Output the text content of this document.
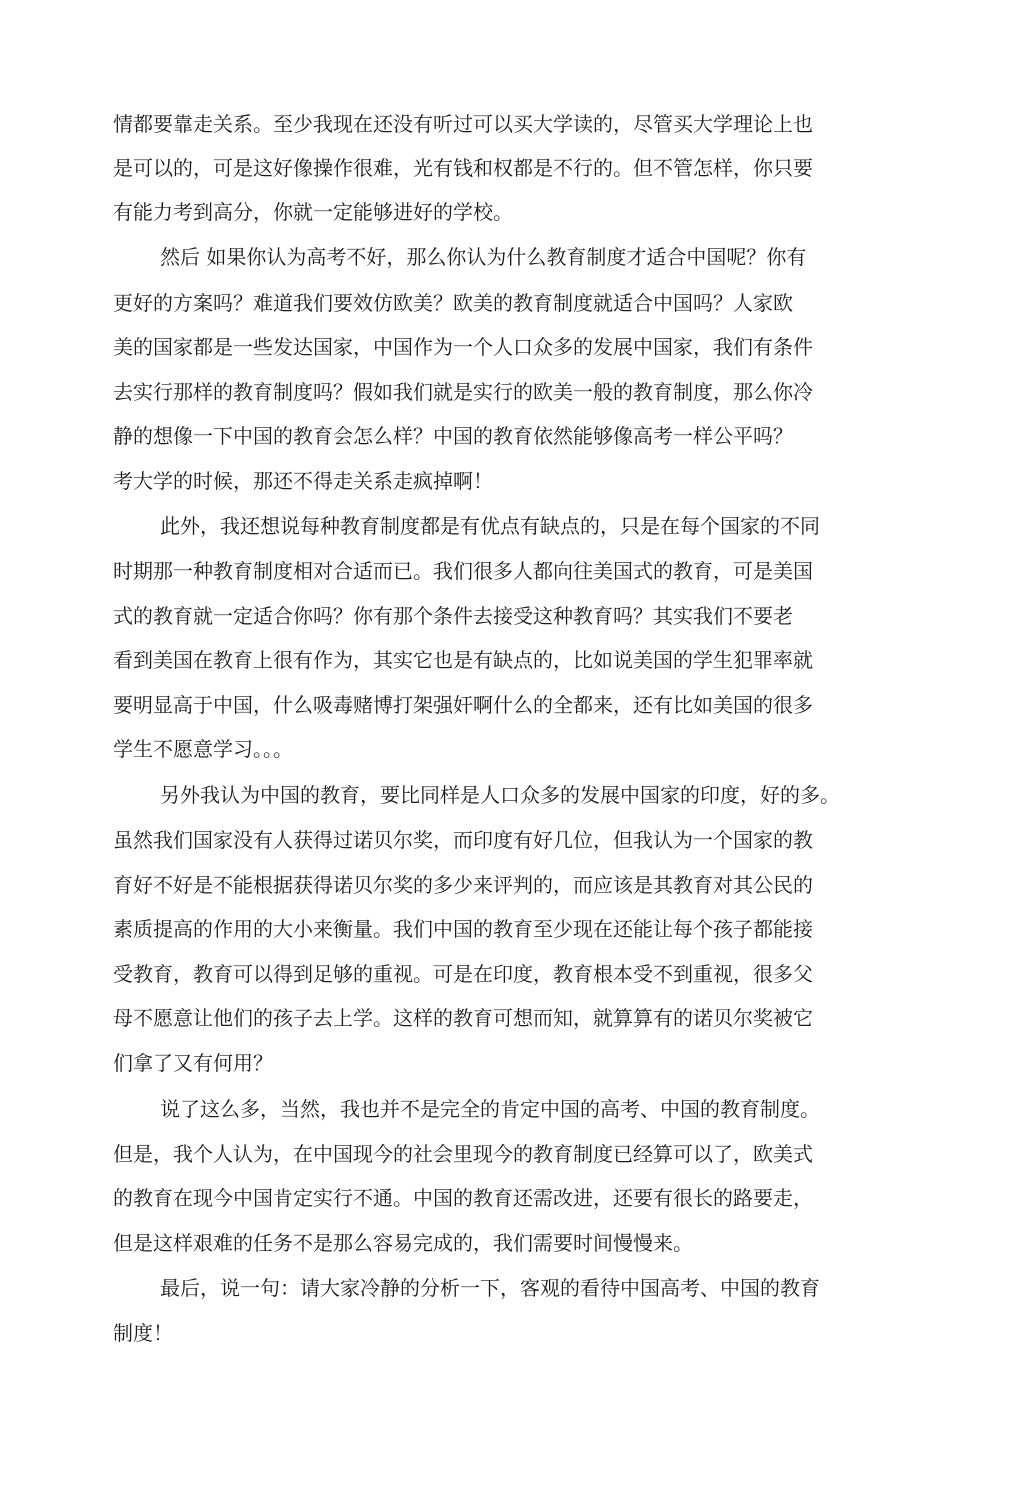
情都要靠走关系。至少我现在还没有听过可以买大学读的，尽管买大学理论上也
是可以的，可是这好像操作很难，光有钱和权都是不行的。但不管怎样，你只要
有能力考到高分，你就一定能够进好的学校。
然后 如果你认为高考不好，那么你认为什么教育制度才适合中国呢？你有
更好的方案吗？难道我们要效仿欧美？欧美的教育制度就适合中国吗？人家欧
美的国家都是一些发达国家，中国作为一个人口众多的发展中国家，我们有条件
去实行那样的教育制度吗？假如我们就是实行的欧美一般的教育制度，那么你冷
静的想像一下中国的教育会怎么样？中国的教育依然能够像高考一样公平吗？
考大学的时候，那还不得走关系走疯掉啊！
此外，我还想说每种教育制度都是有优点有缺点的，只是在每个国家的不同
时期那一种教育制度相对合适而已。我们很多人都向往美国式的教育，可是美国
式的教育就一定适合你吗？你有那个条件去接受这种教育吗？其实我们不要老
看到美国在教育上很有作为，其实它也是有缺点的，比如说美国的学生犯罪率就
要明显高于中国，什么吸毒赌博打架强奸啊什么的全都来，还有比如美国的很多
学生不愿意学习。。。
另外我认为中国的教育，要比同样是人口众多的发展中国家的印度，好的多。
虽然我们国家没有人获得过诺贝尔奖，而印度有好几位，但我认为一个国家的教
育好不好是不能根据获得诺贝尔奖的多少来评判的，而应该是其教育对其公民的
素质提高的作用的大小来衡量。我们中国的教育至少现在还能让每个孩子都能接
受教育，教育可以得到足够的重视。可是在印度，教育根本受不到重视，很多父
母不愿意让他们的孩子去上学。这样的教育可想而知，就算算有的诺贝尔奖被它
们拿了又有何用？
说了这么多，当然，我也并不是完全的肯定中国的高考、中国的教育制度。
但是，我个人认为，在中国现今的社会里现今的教育制度已经算可以了，欧美式
的教育在现今中国肯定实行不通。中国的教育还需改进，还要有很长的路要走，
但是这样艰难的任务不是那么容易完成的，我们需要时间慢慢来。
最后，说一句：请大家冷静的分析一下，客观的看待中国高考、中国的教育
制度！
